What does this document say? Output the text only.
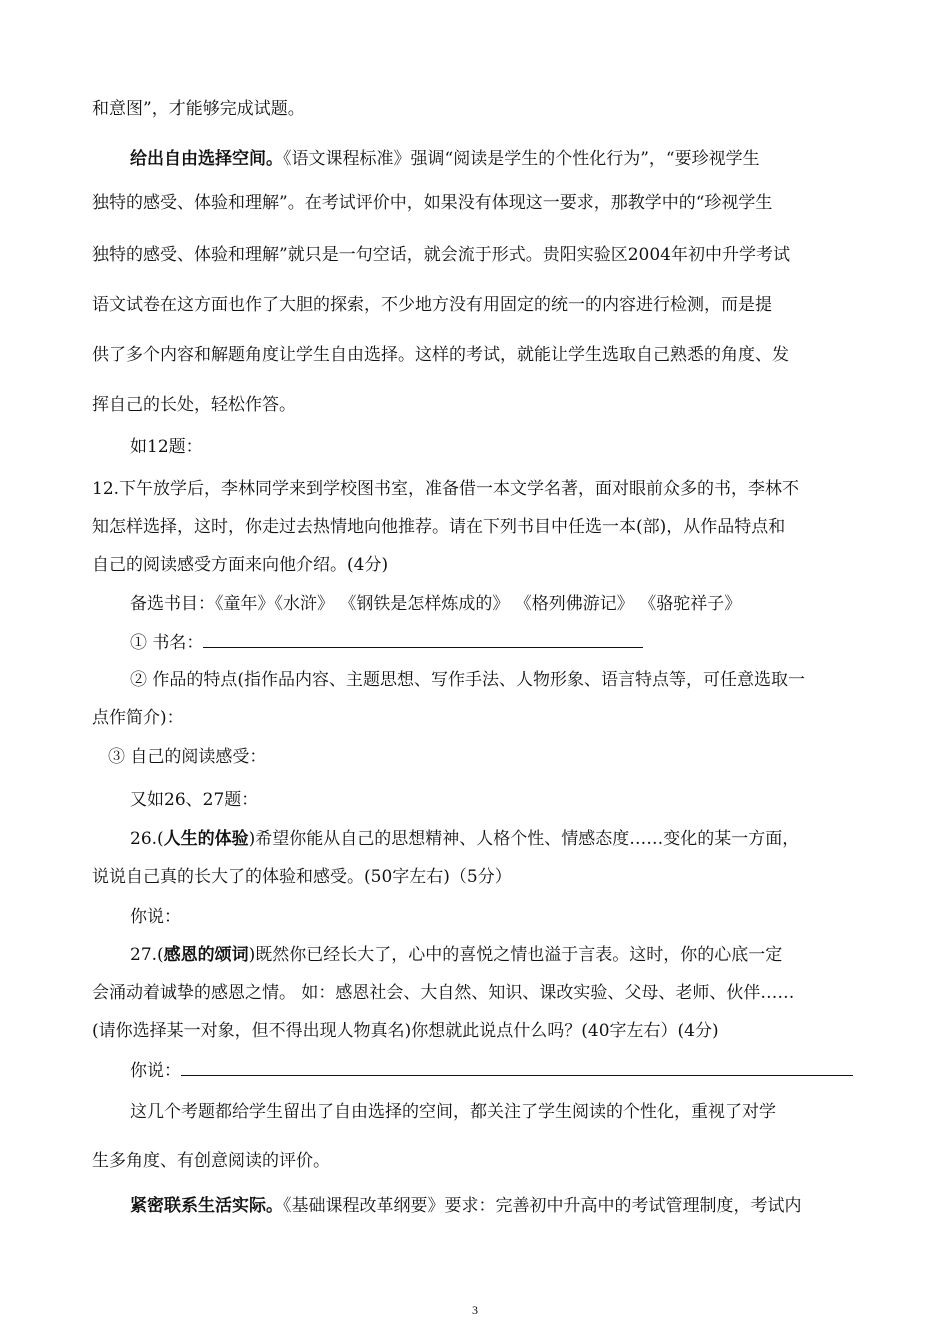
和意图”，才能够完成试题。
给出自由选择空间。《语文课程标准》强调“阅读是学生的个性化行为”，“要珍视学生
独特的感受、体验和理解”。在考试评价中，如果没有体现这一要求，那教学中的“珍视学生
独特的感受、体验和理解”就只是一句空话，就会流于形式。贵阳实验区2004年初中升学考试
语文试卷在这方面也作了大胆的探索，不少地方没有用固定的统一的内容进行检测，而是提
供了多个内容和解题角度让学生自由选择。这样的考试，就能让学生选取自己熟悉的角度、发
挥自己的长处，轻松作答。
如12题：
12.下午放学后，李林同学来到学校图书室，准备借一本文学名著，面对眼前众多的书，李林不
知怎样选择，这时，你走过去热情地向他推荐。请在下列书目中任选一本(部)，从作品特点和
自己的阅读感受方面来向他介绍。(4分)
备选书目：《童年》《水浒》 《钢铁是怎样炼成的》 《格列佛游记》 《骆驼祥子》
① 书名：
② 作品的特点(指作品内容、主题思想、写作手法、人物形象、语言特点等，可任意选取一
点作简介)：
③ 自己的阅读感受：
又如26、27题：
26.(人生的体验)希望你能从自己的思想精神、人格个性、情感态度……变化的某一方面，
说说自己真的长大了的体验和感受。(50字左右)（5分）
你说：
27.(感恩的颂词)既然你已经长大了，心中的喜悦之情也溢于言表。这时，你的心底一定
会涌动着诚挚的感恩之情。 如：感恩社会、大自然、知识、课改实验、父母、老师、伙伴……
(请你选择某一对象，但不得出现人物真名)你想就此说点什么吗？(40字左右）(4分)
你说：
这几个考题都给学生留出了自由选择的空间，都关注了学生阅读的个性化，重视了对学
生多角度、有创意阅读的评价。
紧密联系生活实际。《基础课程改革纲要》要求：完善初中升高中的考试管理制度，考试内
3
